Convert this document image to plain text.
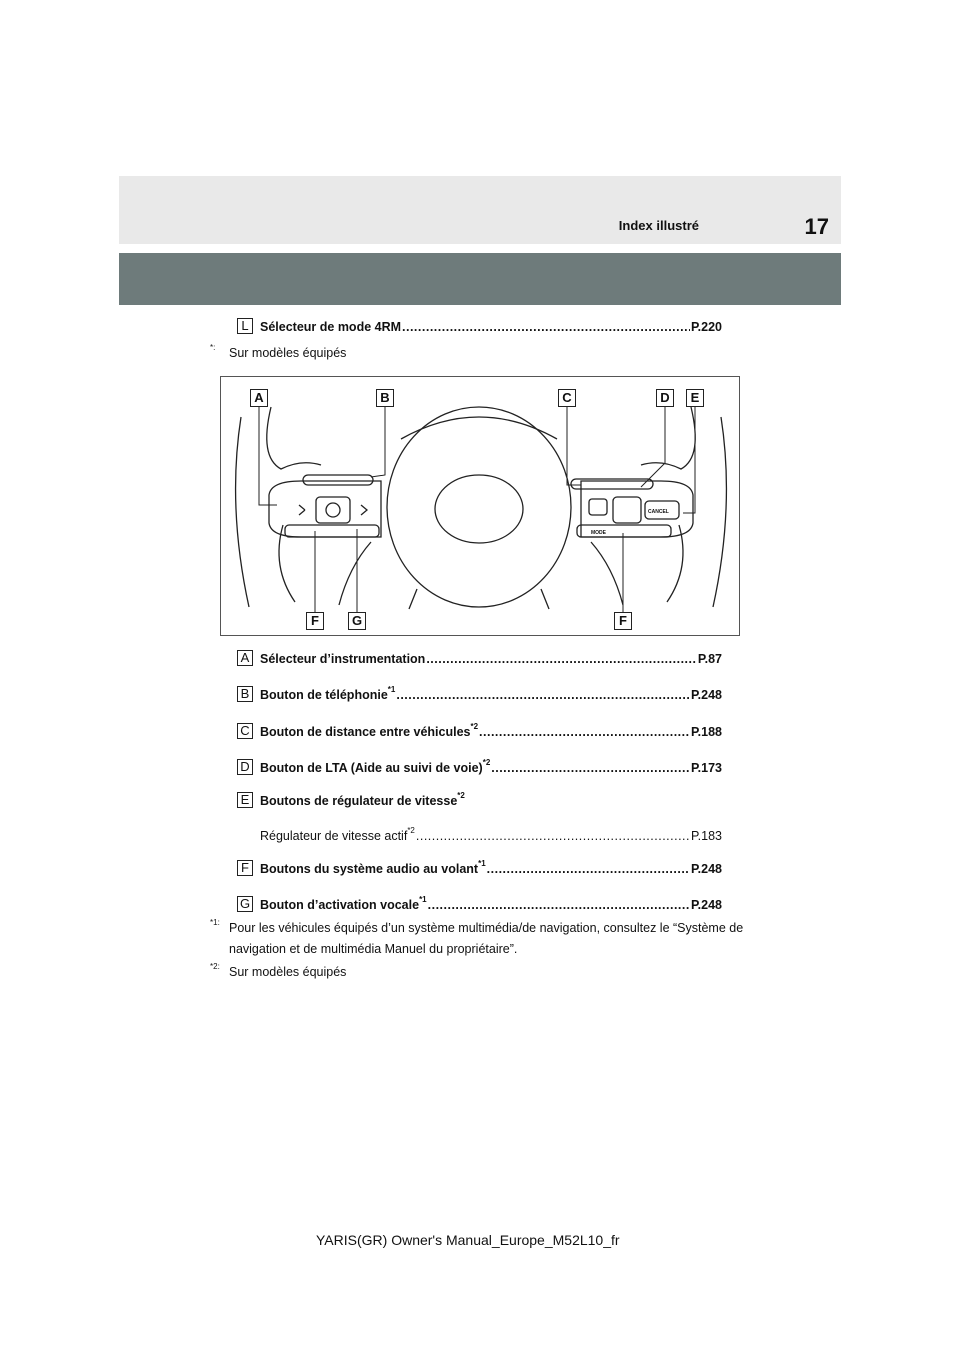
Index illustré	17
L Sélecteur de mode 4RM .....	P.220
*:	Sur modèles équipés
MODE
CANCEL
A	B	C	D	E
F	G	F
A Sélecteur d’instrumentation .....	P.87
B Bouton de téléphonie$^{*1}$ .....	P.248
C Bouton de distance entre véhicules$^{*2}$ .....	P.188
D Bouton de LTA (Aide au suivi de voie)$^{*2}$ .....	P.173
E Boutons de régulateur de vitesse$^{*2}$
Régulateur de vitesse actif$^{*2}$ .....	P.183
F Boutons du système audio au volant$^{*1}$ .....	P.248
G Bouton d’activation vocale$^{*1}$ .....	P.248
$^{*1:}$ Pour les véhicules équipés d’un système multimédia/de navigation, consultez le “Système de navigation et de multimédia Manuel du propriétaire”.
$^{*2:}$ Sur modèles équipés
YARIS(GR) Owner's Manual_Europe_M52L10_fr
